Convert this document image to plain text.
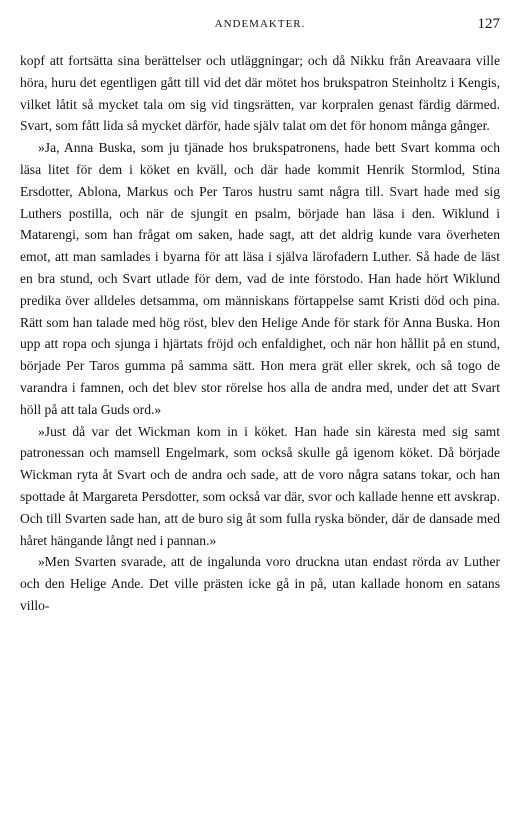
ANDEMAKTER.	127

kopf att fortsätta sina berättelser och utläggningar; och då Nikku från Areavaara ville höra, huru det egentligen gått till vid det där mötet hos brukspatron Steinholtz i Kengis, vilket låtit så mycket tala om sig vid tingsrätten, var korpralen genast färdig därmed. Svart, som fått lida så mycket därför, hade själv talat om det för honom många gånger.

»Ja, Anna Buska, som ju tjänade hos brukspatronens, hade bett Svart komma och läsa litet för dem i köket en kväll, och där hade kommit Henrik Stormlod, Stina Ersdotter, Ablona, Markus och Per Taros hustru samt några till. Svart hade med sig Luthers postilla, och när de sjungit en psalm, började han läsa i den. Wiklund i Matarengi, som han frågat om saken, hade sagt, att det aldrig kunde vara överheten emot, att man samlades i byarna för att läsa i själva lärofadern Luther. Så hade de läst en bra stund, och Svart utlade för dem, vad de inte förstodo. Han hade hört Wiklund predika över alldeles detsamma, om människans förtappelse samt Kristi död och pina. Rätt som han talade med hög röst, blev den Helige Ande för stark för Anna Buska. Hon upp att ropa och sjunga i hjärtats fröjd och enfaldighet, och när hon hållit på en stund, började Per Taros gumma på samma sätt. Hon mera grät eller skrek, och så togo de varandra i famnen, och det blev stor rörelse hos alla de andra med, under det att Svart höll på att tala Guds ord.»

»Just då var det Wickman kom in i köket. Han hade sin käresta med sig samt patronessan och mamsell Engelmark, som också skulle gå igenom köket. Då började Wickman ryta åt Svart och de andra och sade, att de voro några satans tokar, och han spottade åt Margareta Persdotter, som också var där, svor och kallade henne ett avskrap. Och till Svarten sade han, att de buro sig åt som fulla ryska bönder, där de dansade med håret hängande långt ned i pannan.»

»Men Svarten svarade, att de ingalunda voro druckna utan endast rörda av Luther och den Helige Ande. Det ville prästen icke gå in på, utan kallade honom en satans villo-
